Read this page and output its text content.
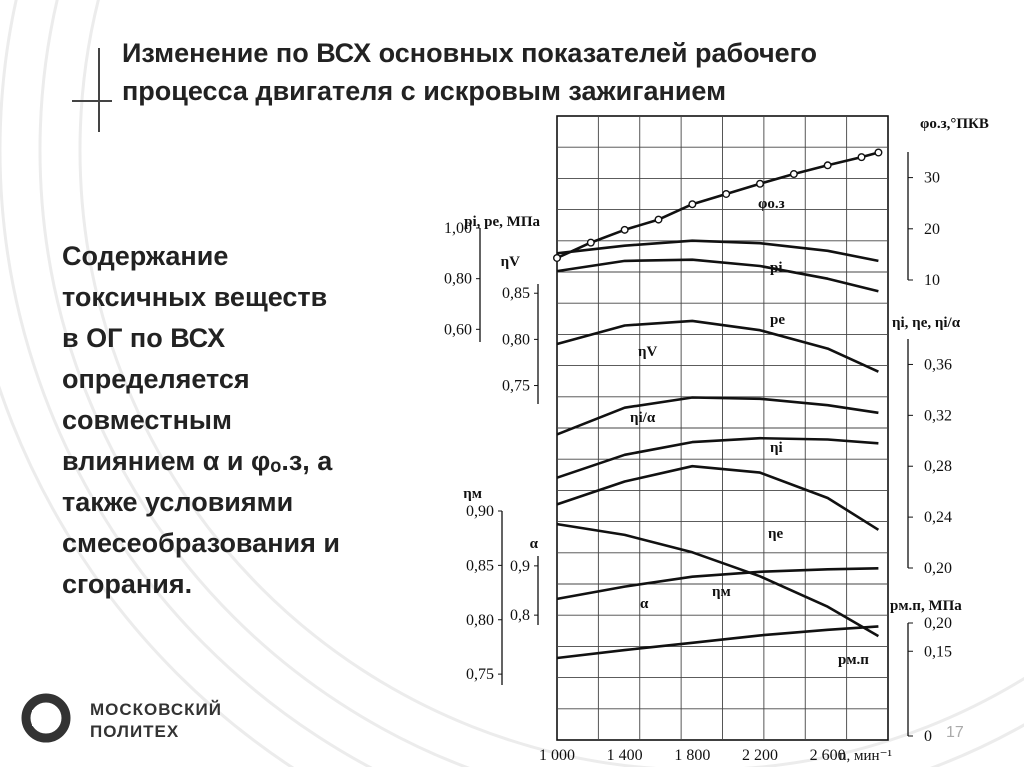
Изменение по ВСХ основных показателей рабочего
процесса двигателя с искровым зажиганием
Содержание
токсичных веществ
в ОГ по ВСХ
определяется
совместным
влиянием α и φₒ.з, а
также условиями
смесеобразования и
сгорания.
1 000 1 400 1 800 2 200 2 600
n, мин⁻¹
30
20
10
0,36
0,32
0,28
0,24
0,20
0,20
0,15
0
1,00
0,80
0,60
0,85
0,80
0,75
0,90
0,85
0,80
0,75
0,9
0,8
φо.з,°ПКВ
ηi, ηe, ηi/α
pм.п, МПа
pi, pe, МПа
ηV
ηм
α
φо.з
pi
pe
ηV
ηi/α
ηi
ηe
α
ηм
pм.п
МОСКОВСКИЙ
ПОЛИТЕХ	17
